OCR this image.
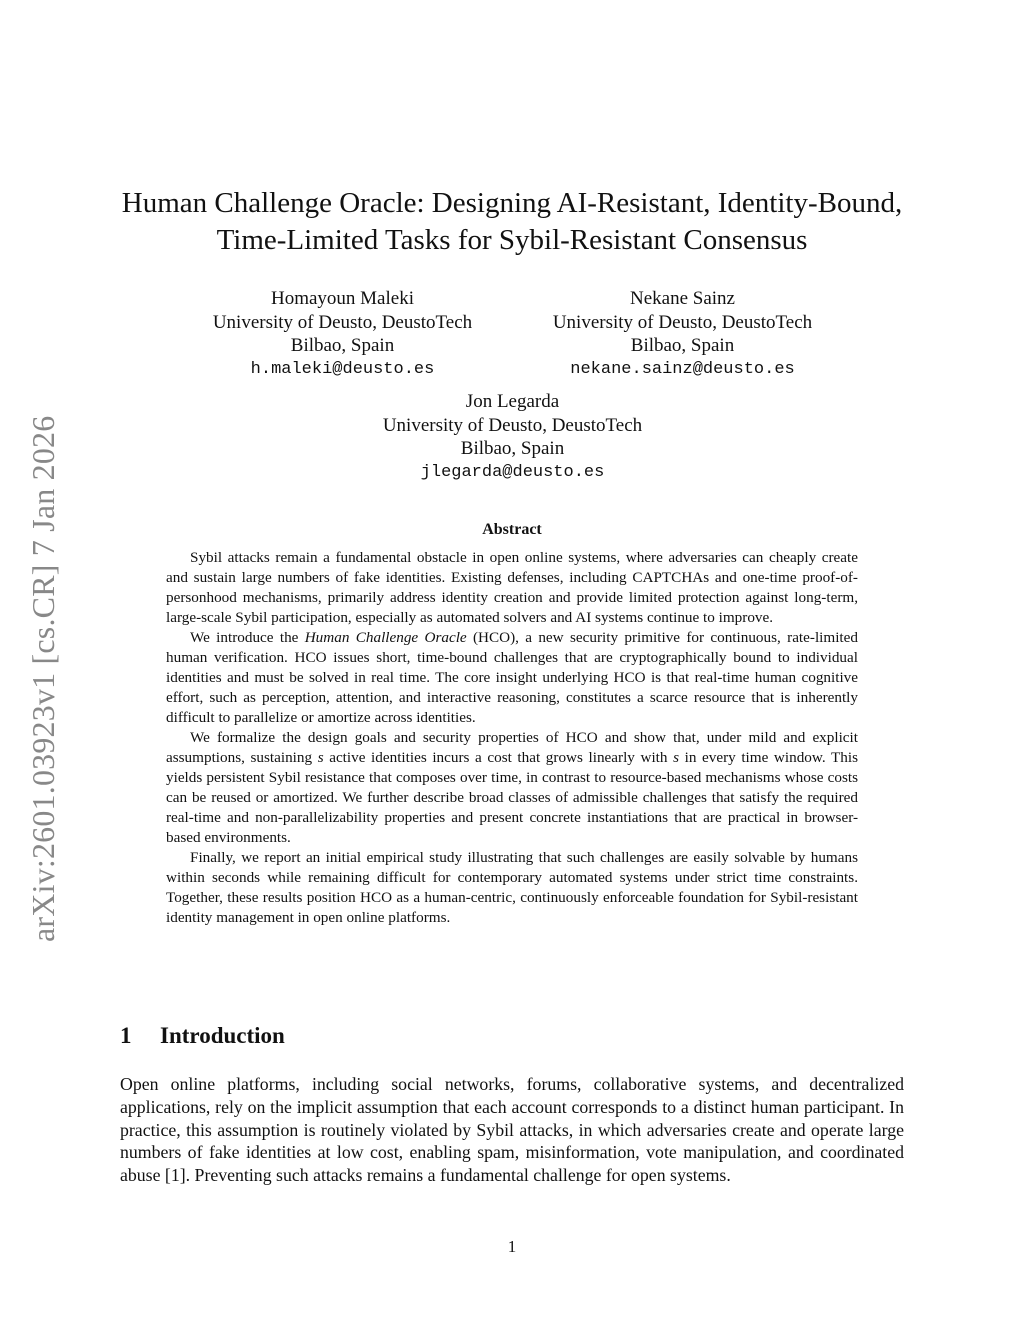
arXiv:2601.03923v1 [cs.CR] 7 Jan 2026
Human Challenge Oracle: Designing AI-Resistant, Identity-Bound,
Time-Limited Tasks for Sybil-Resistant Consensus
Homayoun Maleki
University of Deusto, DeustoTech
Bilbao, Spain
h.maleki@deusto.es
Nekane Sainz
University of Deusto, DeustoTech
Bilbao, Spain
nekane.sainz@deusto.es
Jon Legarda
University of Deusto, DeustoTech
Bilbao, Spain
jlegarda@deusto.es
Abstract

Sybil attacks remain a fundamental obstacle in open online systems, where adversaries can cheaply create and sustain large numbers of fake identities. Existing defenses, including CAPTCHAs and one-time proof-of-personhood mechanisms, primarily address identity creation and provide limited protection against long-term, large-scale Sybil participation, especially as automated solvers and AI systems continue to improve.

We introduce the Human Challenge Oracle (HCO), a new security primitive for continuous, rate-limited human verification. HCO issues short, time-bound challenges that are cryptographically bound to individual identities and must be solved in real time. The core insight underlying HCO is that real-time human cognitive effort, such as perception, attention, and interactive reasoning, constitutes a scarce resource that is inherently difficult to parallelize or amortize across identities.

We formalize the design goals and security properties of HCO and show that, under mild and explicit assumptions, sustaining s active identities incurs a cost that grows linearly with s in every time window. This yields persistent Sybil resistance that composes over time, in contrast to resource-based mechanisms whose costs can be reused or amortized. We further describe broad classes of admissible challenges that satisfy the required real-time and non-parallelizability properties and present concrete instantiations that are practical in browser-based environments.

Finally, we report an initial empirical study illustrating that such challenges are easily solvable by humans within seconds while remaining difficult for contemporary automated systems under strict time constraints. Together, these results position HCO as a human-centric, continuously enforceable foundation for Sybil-resistant identity management in open online platforms.

1 Introduction

Open online platforms, including social networks, forums, collaborative systems, and decentralized applications, rely on the implicit assumption that each account corresponds to a distinct human participant. In practice, this assumption is routinely violated by Sybil attacks, in which adversaries create and operate large numbers of fake identities at low cost, enabling spam, misinformation, vote manipulation, and coordinated abuse [1]. Preventing such attacks remains a fundamental challenge for open systems.

1
